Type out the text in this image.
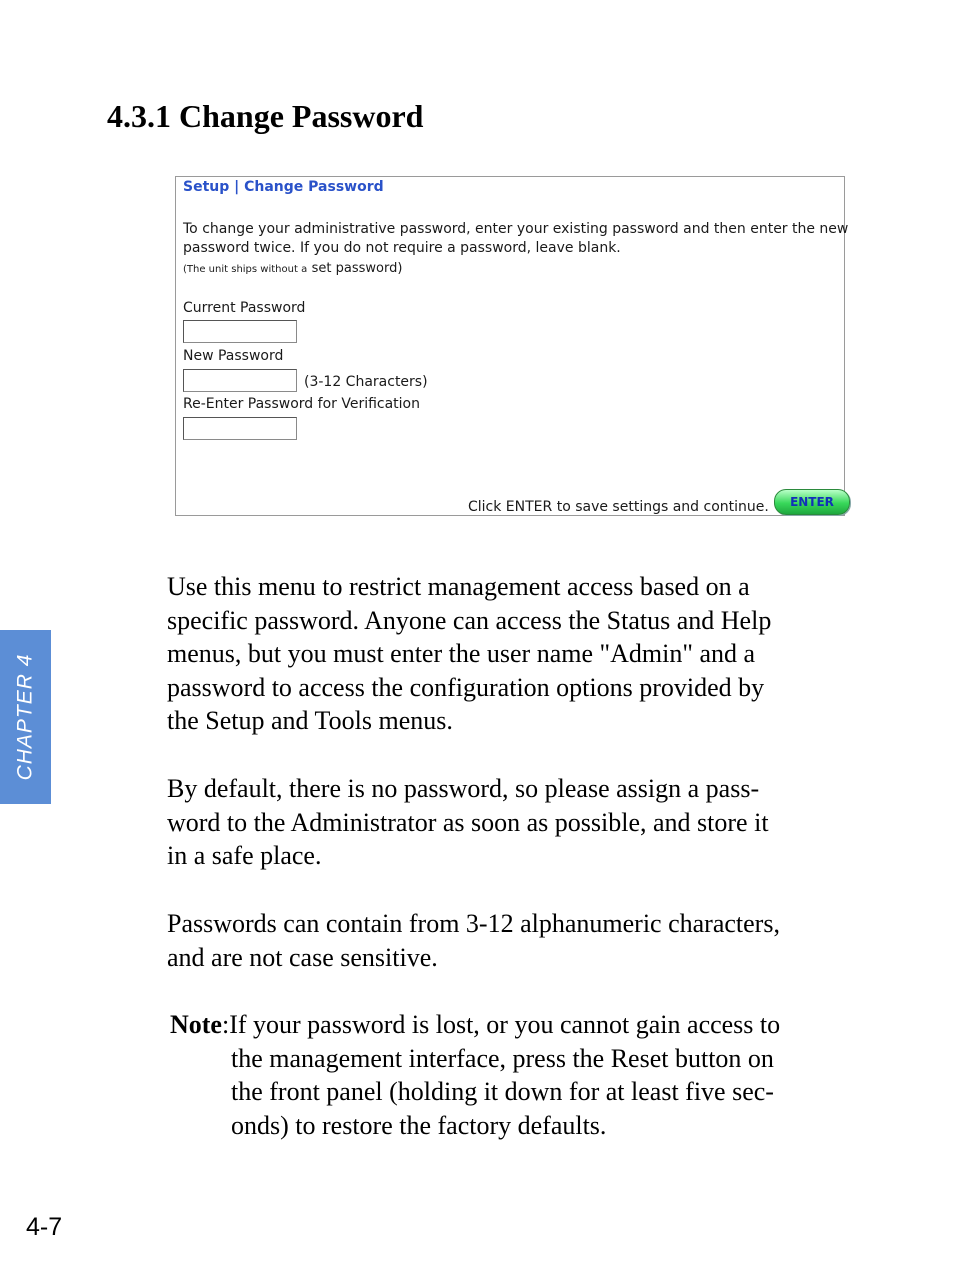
4.3.1 Change Password
Setup | Change Password
To change your administrative password, enter your existing password and then enter the new
password twice. If you do not require a password, leave blank.
(The unit ships without a set password)
Current Password
New Password
(3-12 Characters)
Re-Enter Password for Verification
Click ENTER to save settings and continue.	ENTER
Use this menu to restrict management access based on a
specific password. Anyone can access the Status and Help
menus, but you must enter the user name "Admin" and a
password to access the configuration options provided by
the Setup and Tools menus.
By default, there is no password, so please assign a pass-
word to the Administrator as soon as possible, and store it
in a safe place.
Passwords can contain from 3-12 alphanumeric characters,
and are not case sensitive.
Note:If your password is lost, or you cannot gain access to
the management interface, press the Reset button on
the front panel (holding it down for at least five sec-
onds) to restore the factory defaults.
CHAPTER 4
4-7
